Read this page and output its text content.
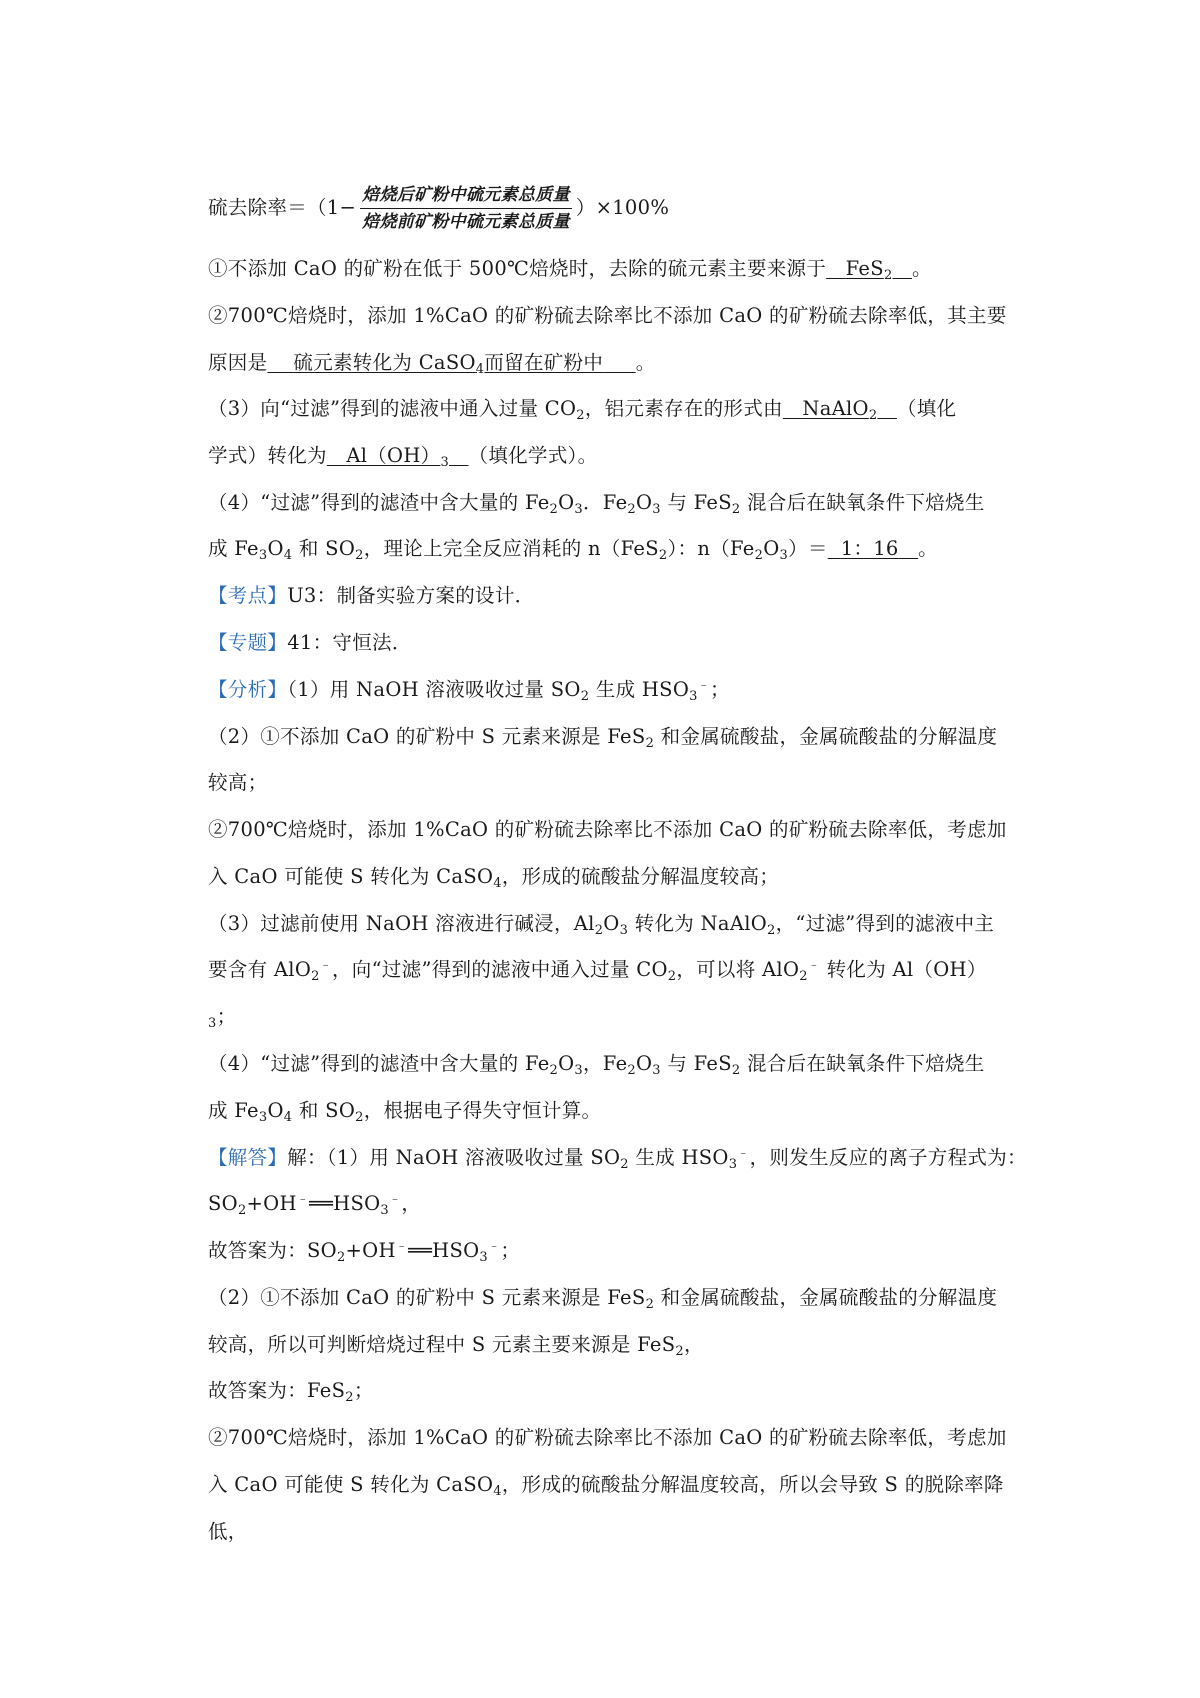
硫去除率$=(1- \frac{\text{焙烧后矿粉中硫元素总质量}}{\text{焙烧前矿粉中硫元素总质量}} )\times 100\%$
①不添加 CaO 的矿粉在低于 500℃焙烧时，去除的硫元素主要来源于 FeS$_2$ 。
②700℃焙烧时，添加 1%CaO 的矿粉硫去除率比不添加 CaO 的矿粉硫去除率低，其主要
原因是 硫元素转化为 CaSO$_4$而留在矿粉中 。
（3）向“过滤”得到的滤液中通入过量 $CO_2$，铝元素存在的形式由 NaAlO$_2$ （填化
学式）转化为 $Al(OH)_3$ （填化学式）。
（4）“过滤”得到的滤渣中含大量的 $Fe_2O_3$．$Fe_2O_3$ 与 FeS$_2$ 混合后在缺氧条件下焙烧生
成 $Fe_3O_4$ 和 $SO_2$，理论上完全反应消耗的 n（FeS$_2$）：$n(Fe_2O_3)= 1$：16 。
【考点】U3：制备实验方案的设计．
【专题】41：守恒法．
【分析】（1）用 NaOH 溶液吸收过量 $SO_2$ 生成 $HSO_3^﹣$；
（2）①不添加 CaO 的矿粉中 S 元素来源是 FeS$_2$ 和金属硫酸盐，金属硫酸盐的分解温度
较高；
②700℃焙烧时，添加 1%CaO 的矿粉硫去除率比不添加 CaO 的矿粉硫去除率低，考虑加
入 CaO 可能使 S 转化为 CaSO$_4$，形成的硫酸盐分解温度较高；
（3）过滤前使用 NaOH 溶液进行碱浸，$Al_2O_3$ 转化为 NaAlO$_2$，“过滤”得到的滤液中主
要含有 AlO$_2$﹣，向“过滤”得到的滤液中通入过量 $CO_2$，可以将 AlO$_2$﹣ 转化为 Al（OH）
$_3$；
（4）“过滤”得到的滤渣中含大量的 $Fe_2O_3$，$Fe_2O_3$ 与 FeS$_2$ 混合后在缺氧条件下焙烧生
成 $Fe_3O_4$ 和 $SO_2$，根据电子得失守恒计算。
【解答】解：（1）用 NaOH 溶液吸收过量 $SO_2$ 生成 $HSO_3^﹣$，则发生反应的离子方程式为：
$SO_2+OH^﹣══HSO_3^﹣$，
故答案为：$SO_2+OH^﹣══HSO_3^﹣$；
（2）①不添加 CaO 的矿粉中 S 元素来源是 FeS$_2$ 和金属硫酸盐，金属硫酸盐的分解温度
较高，所以可判断焙烧过程中 S 元素主要来源是 FeS$_2$，
故答案为：FeS$_2$；
②700℃焙烧时，添加 1%CaO 的矿粉硫去除率比不添加 CaO 的矿粉硫去除率低，考虑加
入 CaO 可能使 S 转化为 CaSO$_4$，形成的硫酸盐分解温度较高，所以会导致 S 的脱除率降
低，
